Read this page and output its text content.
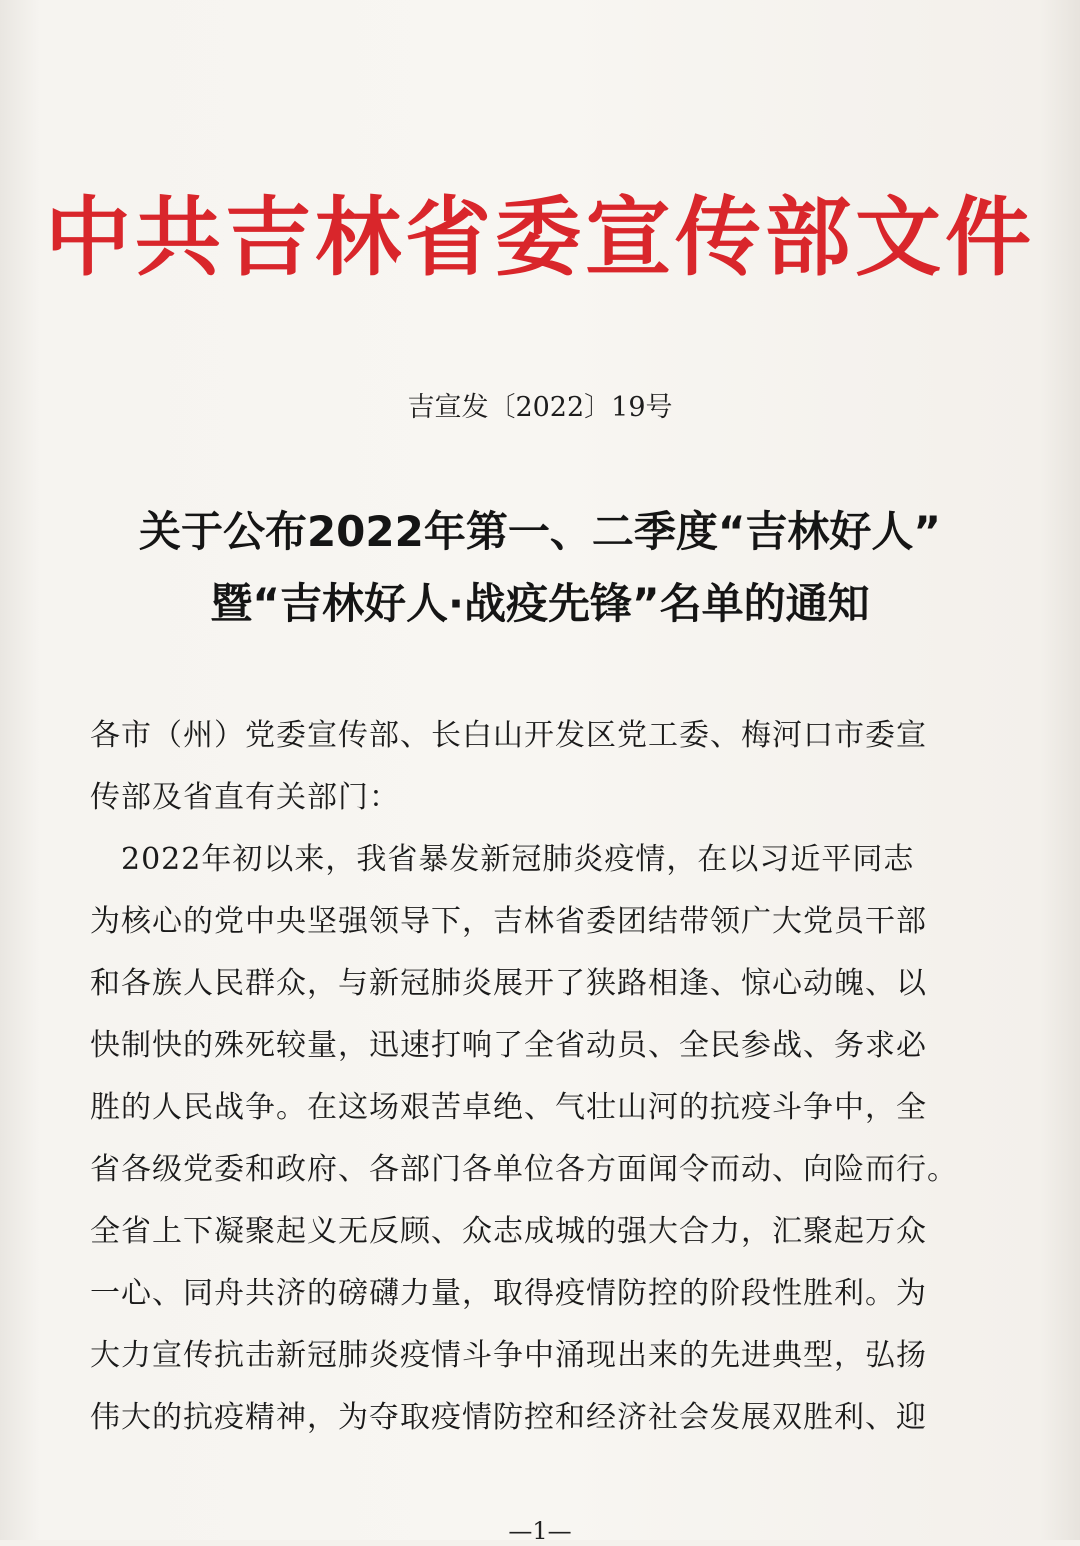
中共吉林省委宣传部文件
吉宣发〔2022〕19号
关于公布2022年第一、二季度“吉林好人”
暨“吉林好人·战疫先锋”名单的通知
各市（州）党委宣传部、长白山开发区党工委、梅河口市委宣
传部及省直有关部门：
　2022年初以来，我省暴发新冠肺炎疫情，在以习近平同志
为核心的党中央坚强领导下，吉林省委团结带领广大党员干部
和各族人民群众，与新冠肺炎展开了狭路相逢、惊心动魄、以
快制快的殊死较量，迅速打响了全省动员、全民参战、务求必
胜的人民战争。在这场艰苦卓绝、气壮山河的抗疫斗争中，全
省各级党委和政府、各部门各单位各方面闻令而动、向险而行。
全省上下凝聚起义无反顾、众志成城的强大合力，汇聚起万众
一心、同舟共济的磅礴力量，取得疫情防控的阶段性胜利。为
大力宣传抗击新冠肺炎疫情斗争中涌现出来的先进典型，弘扬
伟大的抗疫精神，为夺取疫情防控和经济社会发展双胜利、迎
—1—
